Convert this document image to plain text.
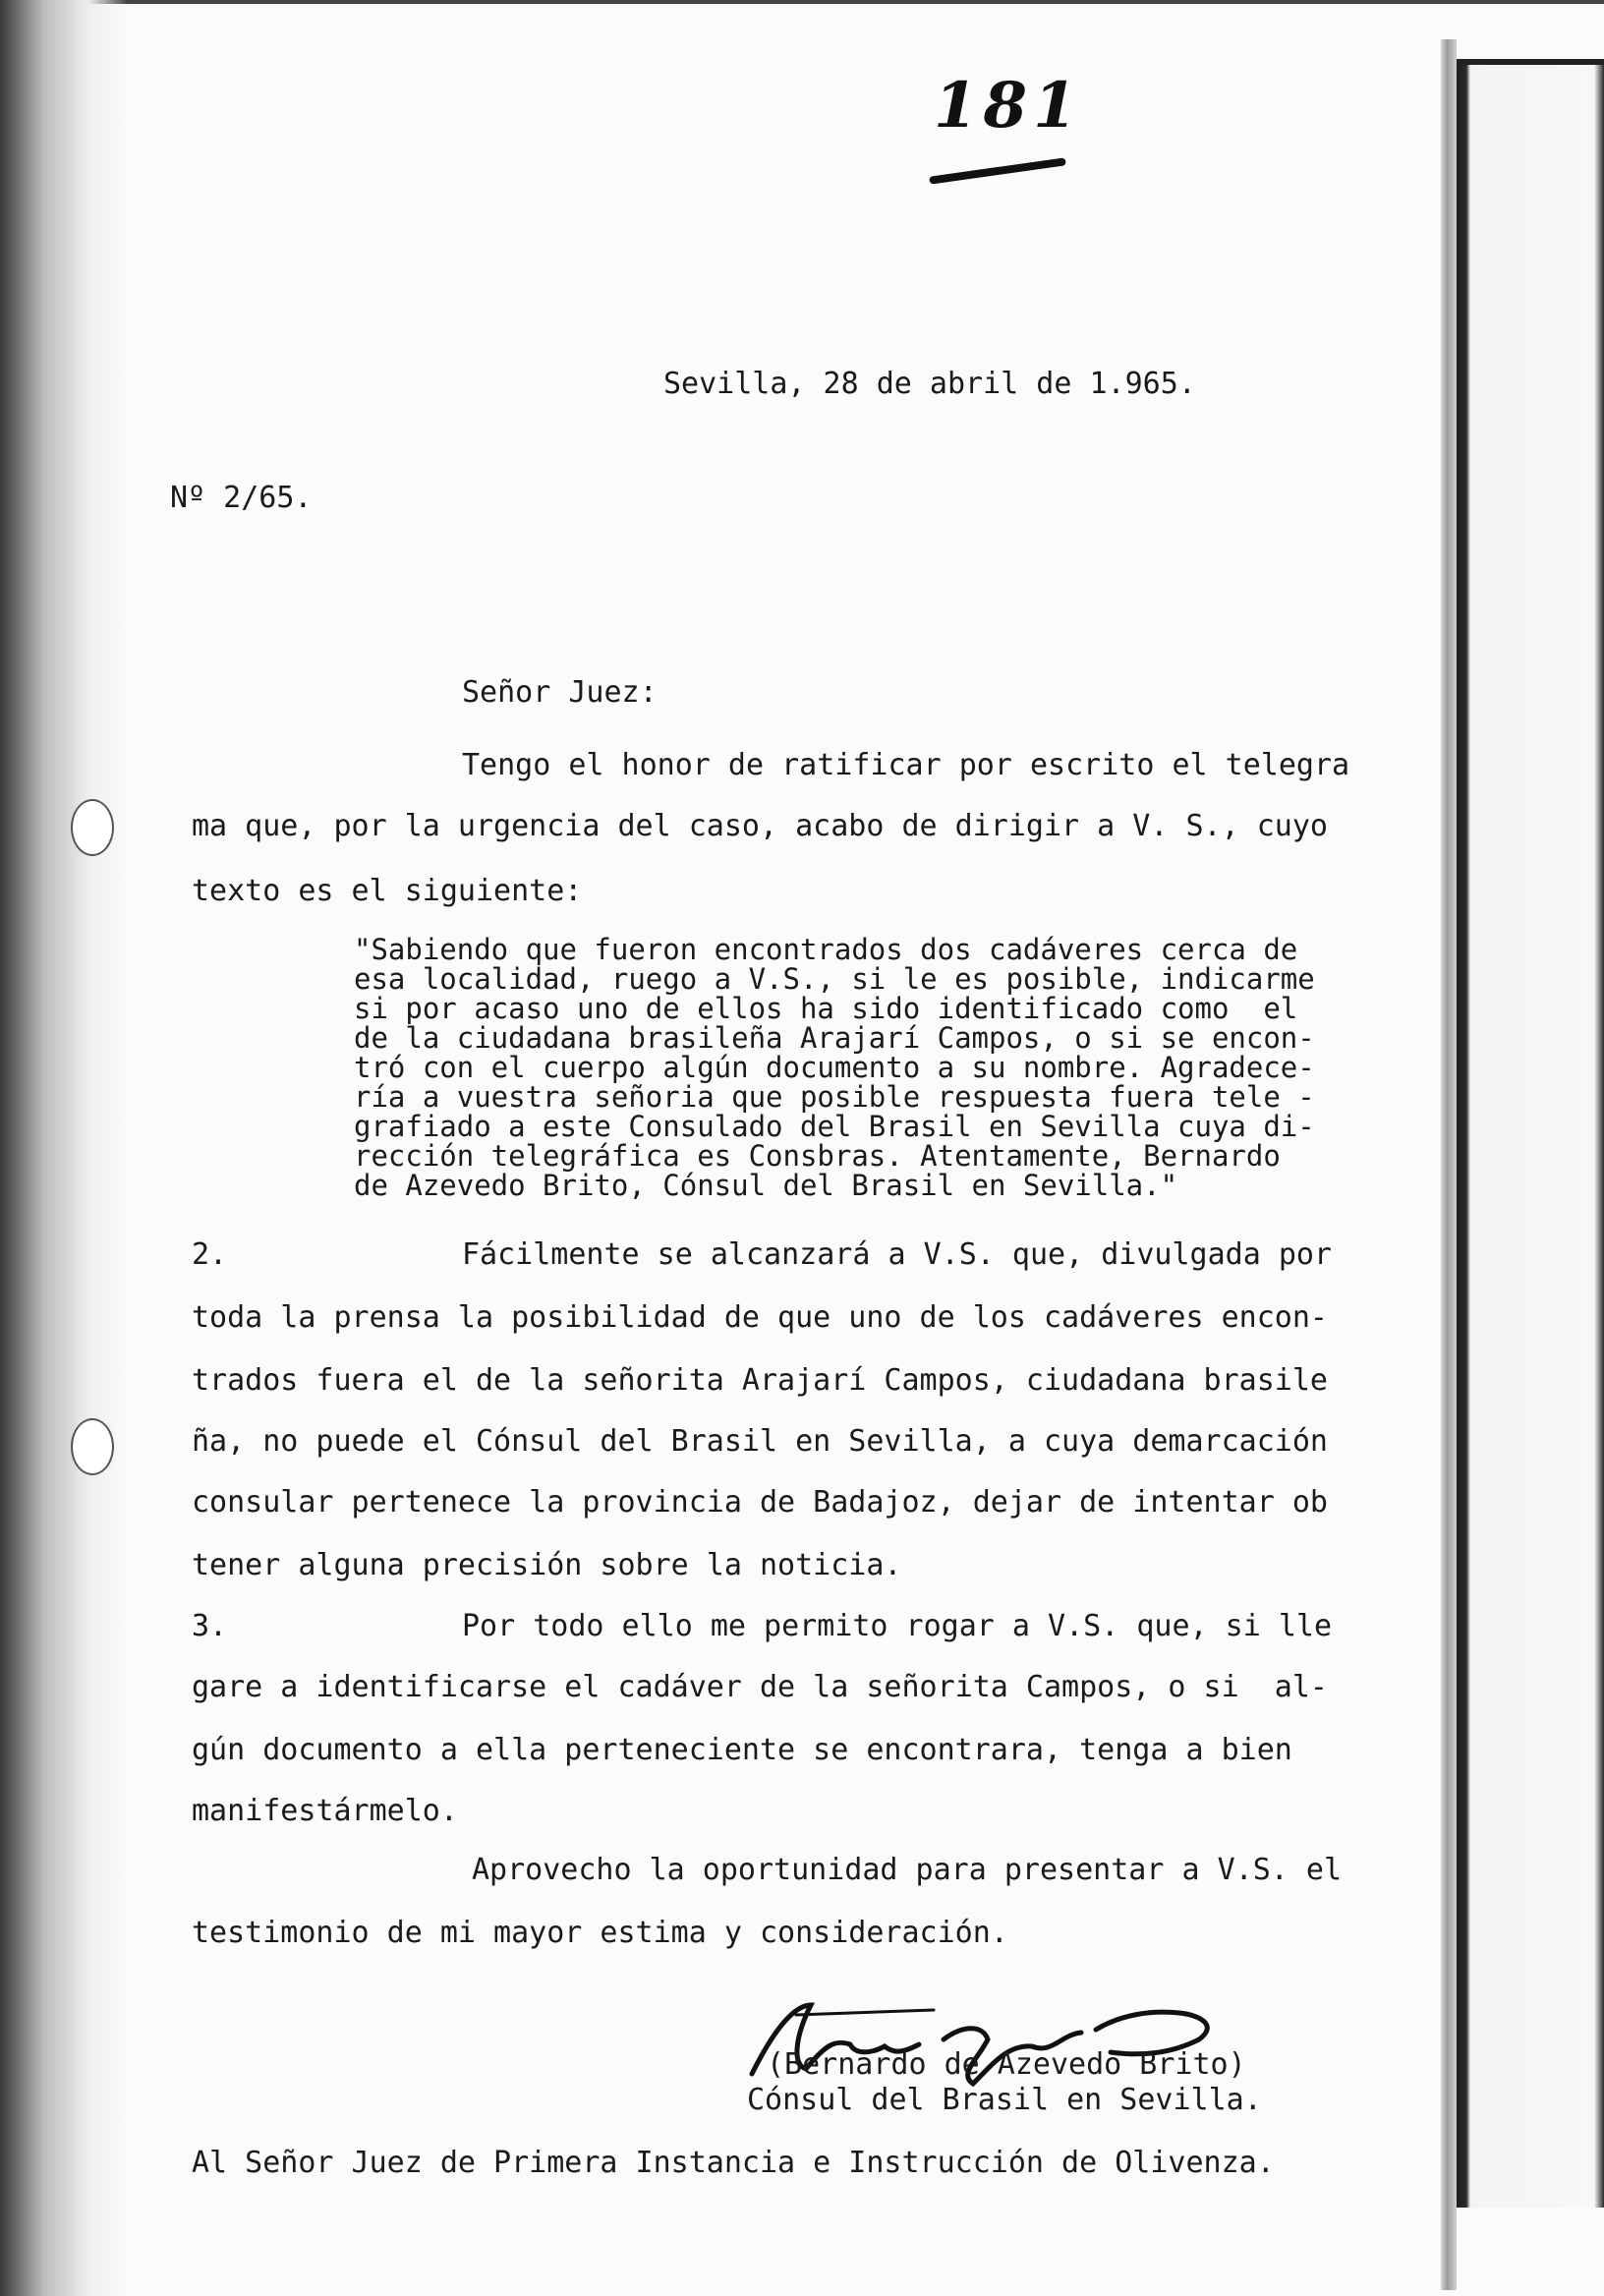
181
Sevilla, 28 de abril de 1.965.
Nº 2/65.
Señor Juez:
Tengo el honor de ratificar por escrito el telegra
ma que, por la urgencia del caso, acabo de dirigir a V. S., cuyo
texto es el siguiente:
"Sabiendo que fueron encontrados dos cadáveres cerca de
esa localidad, ruego a V.S., si le es posible, indicarme
si por acaso uno de ellos ha sido identificado como  el
de la ciudadana brasileña Arajarí Campos, o si se encon-
tró con el cuerpo algún documento a su nombre. Agradece-
ría a vuestra señoria que posible respuesta fuera tele -
grafiado a este Consulado del Brasil en Sevilla cuya di-
rección telegráfica es Consbras. Atentamente, Bernardo
de Azevedo Brito, Cónsul del Brasil en Sevilla."
2.	Fácilmente se alcanzará a V.S. que, divulgada por
toda la prensa la posibilidad de que uno de los cadáveres encon-
trados fuera el de la señorita Arajarí Campos, ciudadana brasile
ña, no puede el Cónsul del Brasil en Sevilla, a cuya demarcación
consular pertenece la provincia de Badajoz, dejar de intentar ob
tener alguna precisión sobre la noticia.
3.	Por todo ello me permito rogar a V.S. que, si lle
gare a identificarse el cadáver de la señorita Campos, o si  al-
gún documento a ella perteneciente se encontrara, tenga a bien
manifestármelo.
Aprovecho la oportunidad para presentar a V.S. el
testimonio de mi mayor estima y consideración.
(Bernardo de Azevedo Brito)
Cónsul del Brasil en Sevilla.
Al Señor Juez de Primera Instancia e Instrucción de Olivenza.
